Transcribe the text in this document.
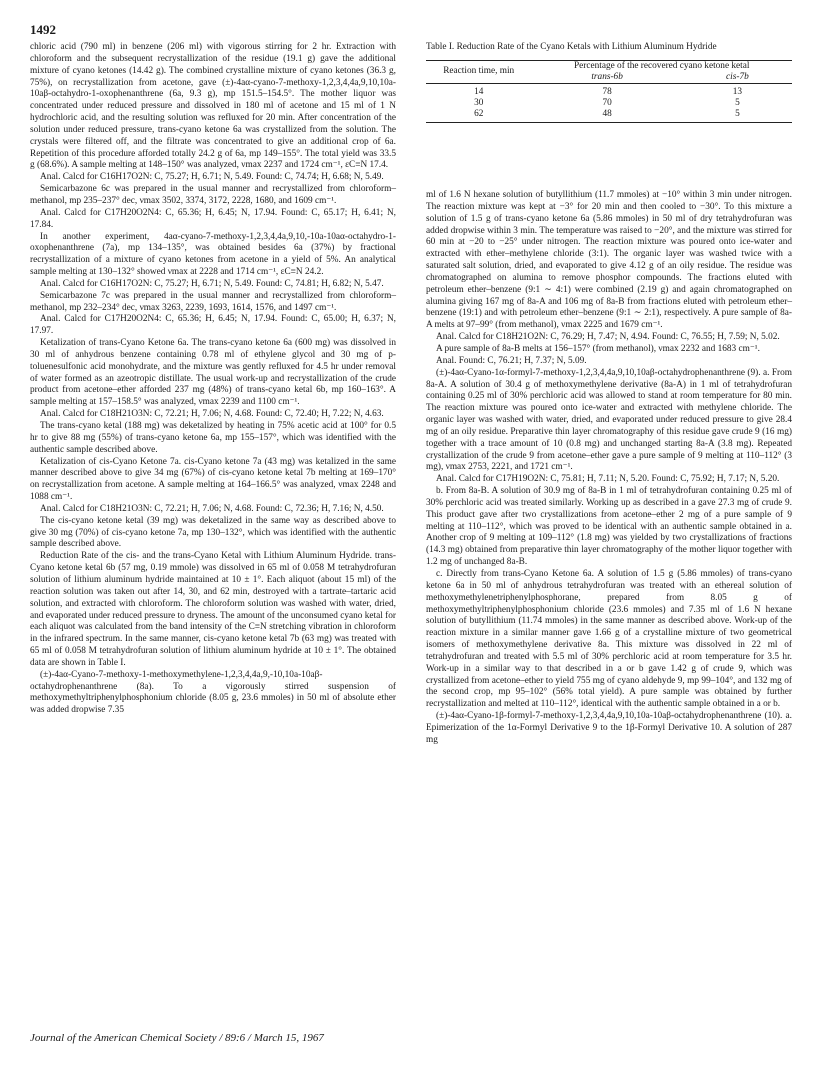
1492

chloric acid (790 ml) in benzene (206 ml) with vigorous stirring for 2 hr. Extraction with chloroform and the subsequent recrystallization of the residue (19.1 g) gave the additional mixture of cyano ketones (14.42 g). The combined crystalline mixture of cyano ketones (36.3 g, 75%), on recrystallization from acetone, gave (±)-4aα-cyano-7-methoxy-1,2,3,4,4a,9,10,10a-10aβ-octahydro-1-oxophenanthrene (6a, 9.3 g), mp 151.5–154.5°. The mother liquor was concentrated under reduced pressure and dissolved in 180 ml of acetone and 15 ml of 1 N hydrochloric acid, and the resulting solution was refluxed for 20 min. After concentration of the solution under reduced pressure, trans-cyano ketone 6a was crystallized from the solution. The crystals were filtered off, and the filtrate was concentrated to give an additional crop of 6a. Repetition of this procedure afforded totally 24.2 g of 6a, mp 149–155°. The total yield was 33.5 g (68.6%). A sample melting at 148–150° was analyzed, νmax 2237 and 1724 cm⁻¹, εC≡N 17.4.

Anal. Calcd for C16H17O2N: C, 75.27; H, 6.71; N, 5.49. Found: C, 74.74; H, 6.68; N, 5.49.

Semicarbazone 6c was prepared in the usual manner and recrystallized from chloroform–methanol, mp 235–237° dec, νmax 3502, 3374, 3172, 2228, 1680, and 1609 cm⁻¹.

Anal. Calcd for C17H20O2N4: C, 65.36; H, 6.45; N, 17.94. Found: C, 65.17; H, 6.41; N, 17.84.

In another experiment, 4aα-cyano-7-methoxy-1,2,3,4,4a,9,10,-10a-10aα-octahydro-1-oxophenanthrene (7a), mp 134–135°, was obtained besides 6a (37%) by fractional recrystallization of a mixture of cyano ketones from acetone in a yield of 5%. An analytical sample melting at 130–132° showed νmax at 2228 and 1714 cm⁻¹, εC≡N 24.2.

Anal. Calcd for C16H17O2N: C, 75.27; H, 6.71; N, 5.49. Found: C, 74.81; H, 6.82; N, 5.47.

Semicarbazone 7c was prepared in the usual manner and recrystallized from chloroform–methanol, mp 232–234° dec, νmax 3263, 2239, 1693, 1614, 1576, and 1497 cm⁻¹.

Anal. Calcd for C17H20O2N4: C, 65.36; H, 6.45; N, 17.94. Found: C, 65.00; H, 6.37; N, 17.97.

Ketalization of trans-Cyano Ketone 6a. The trans-cyano ketone 6a (600 mg) was dissolved in 30 ml of anhydrous benzene containing 0.78 ml of ethylene glycol and 30 mg of p-toluenesulfonic acid monohydrate, and the mixture was gently refluxed for 4.5 hr under removal of water formed as an azeotropic distillate. The usual work-up and recrystallization of the crude product from acetone–ether afforded 237 mg (48%) of trans-cyano ketal 6b, mp 160–163°. A sample melting at 157–158.5° was analyzed, νmax 2239 and 1100 cm⁻¹.

Anal. Calcd for C18H21O3N: C, 72.21; H, 7.06; N, 4.68. Found: C, 72.40; H, 7.22; N, 4.63.

The trans-cyano ketal (188 mg) was deketalized by heating in 75% acetic acid at 100° for 0.5 hr to give 88 mg (55%) of trans-cyano ketone 6a, mp 155–157°, which was identified with the authentic sample described above.

Ketalization of cis-Cyano Ketone 7a. cis-Cyano ketone 7a (43 mg) was ketalized in the same manner described above to give 34 mg (67%) of cis-cyano ketone ketal 7b melting at 169–170° on recrystallization from acetone. A sample melting at 164–166.5° was analyzed, νmax 2248 and 1088 cm⁻¹.

Anal. Calcd for C18H21O3N: C, 72.21; H, 7.06; N, 4.68. Found: C, 72.36; H, 7.16; N, 4.50.

The cis-cyano ketone ketal (39 mg) was deketalized in the same way as described above to give 30 mg (70%) of cis-cyano ketone 7a, mp 130–132°, which was identified with the authentic sample described above.

Reduction Rate of the cis- and the trans-Cyano Ketal with Lithium Aluminum Hydride. trans-Cyano ketone ketal 6b (57 mg, 0.19 mmole) was dissolved in 65 ml of 0.058 M tetrahydrofuran solution of lithium aluminum hydride maintained at 10 ± 1°. Each aliquot (about 15 ml) of the reaction solution was taken out after 14, 30, and 62 min, destroyed with a tartrate–tartaric acid solution, and extracted with chloroform. The chloroform solution was washed with water, dried, and evaporated under reduced pressure to dryness. The amount of the unconsumed cyano ketal for each aliquot was calculated from the band intensity of the C≡N stretching vibration in chloroform in the infrared spectrum. In the same manner, cis-cyano ketone ketal 7b (63 mg) was treated with 65 ml of 0.058 M tetrahydrofuran solution of lithium aluminum hydride at 10 ± 1°. The obtained data are shown in Table I.

(±)-4aα-Cyano-7-methoxy-1-methoxymethylene-1,2,3,4,4a,9,-10,10a-10aβ-octahydrophenanthrene (8a). To a vigorously stirred suspension of methoxymethyltriphenylphosphonium chloride (8.05 g, 23.6 mmoles) in 50 ml of absolute ether was added dropwise 7.35

Table I. Reduction Rate of the Cyano Ketals with Lithium Aluminum Hydride

Reaction time, min	Percentage of the recovered cyano ketone ketal	
	trans-6b	cis-7b
14	78	13
30	70	5
62	48	5

ml of 1.6 N hexane solution of butyllithium (11.7 mmoles) at −10° within 3 min under nitrogen. The reaction mixture was kept at −3° for 20 min and then cooled to −30°. To this mixture a solution of 1.5 g of trans-cyano ketone 6a (5.86 mmoles) in 50 ml of dry tetrahydrofuran was added dropwise within 3 min. The temperature was raised to −20°, and the mixture was stirred for 60 min at −20 to −25° under nitrogen. The reaction mixture was poured onto ice-water and extracted with ether–methylene chloride (3:1). The organic layer was washed twice with a saturated salt solution, dried, and evaporated to give 4.12 g of an oily residue. The residue was chromatographed on alumina to remove phosphor compounds. The fractions eluted with petroleum ether–benzene (9:1 ∼ 4:1) were combined (2.19 g) and again chromatographed on alumina giving 167 mg of 8a-A and 106 mg of 8a-B from fractions eluted with petroleum ether–benzene (19:1) and with petroleum ether–benzene (9:1 ∼ 2:1), respectively. A pure sample of 8a-A melts at 97–99° (from methanol), νmax 2225 and 1679 cm⁻¹.

Anal. Calcd for C18H21O2N: C, 76.29; H, 7.47; N, 4.94. Found: C, 76.55; H, 7.59; N, 5.02.

A pure sample of 8a-B melts at 156–157° (from methanol), νmax 2232 and 1683 cm⁻¹.

Anal. Found: C, 76.21; H, 7.37; N, 5.09.

(±)-4aα-Cyano-1α-formyl-7-methoxy-1,2,3,4,4a,9,10,10aβ-octahydrophenanthrene (9). a. From 8a-A. A solution of 30.4 g of methoxymethylene derivative (8a-A) in 1 ml of tetrahydrofuran containing 0.25 ml of 30% perchloric acid was allowed to stand at room temperature for 80 min. The reaction mixture was poured onto ice-water and extracted with methylene chloride. The organic layer was washed with water, dried, and evaporated under reduced pressure to give 28.4 mg of an oily residue. Preparative thin layer chromatography of this residue gave crude 9 (16 mg) together with a trace amount of 10 (0.8 mg) and unchanged starting 8a-A (3.8 mg). Repeated crystallization of the crude 9 from acetone–ether gave a pure sample of 9 melting at 110–112° (3 mg), νmax 2753, 2221, and 1721 cm⁻¹.

Anal. Calcd for C17H19O2N: C, 75.81; H, 7.11; N, 5.20. Found: C, 75.92; H, 7.17; N, 5.20.

b. From 8a-B. A solution of 30.9 mg of 8a-B in 1 ml of tetrahydrofuran containing 0.25 ml of 30% perchloric acid was treated similarly. Working up as described in a gave 27.3 mg of crude 9. This product gave after two crystallizations from acetone–ether 2 mg of a pure sample of 9 melting at 110–112°, which was proved to be identical with an authentic sample obtained in a. Another crop of 9 melting at 109–112° (1.8 mg) was yielded by two crystallizations of fractions (14.3 mg) obtained from preparative thin layer chromatography of the mother liquor together with 1.2 mg of unchanged 8a-B.

c. Directly from trans-Cyano Ketone 6a. A solution of 1.5 g (5.86 mmoles) of trans-cyano ketone 6a in 50 ml of anhydrous tetrahydrofuran was treated with an ethereal solution of methoxymethylenetriphenylphosphorane, prepared from 8.05 g of methoxymethyltriphenylphosphonium chloride (23.6 mmoles) and 7.35 ml of 1.6 N hexane solution of butyllithium (11.74 mmoles) in the same manner as described above. Work-up of the reaction mixture in a similar manner gave 1.66 g of a crystalline mixture of two geometrical isomers of methoxymethylene derivative 8a. This mixture was dissolved in 22 ml of tetrahydrofuran and treated with 5.5 ml of 30% perchloric acid at room temperature for 3.5 hr. Work-up in a similar way to that described in a or b gave 1.42 g of crude 9, which was crystallized from acetone–ether to yield 755 mg of cyano aldehyde 9, mp 99–104°, and 132 mg of the second crop, mp 95–102° (56% total yield). A pure sample was obtained by further recrystallization and melted at 110–112°, identical with the authentic sample obtained in a or b.

(±)-4aα-Cyano-1β-formyl-7-methoxy-1,2,3,4,4a,9,10,10a-10aβ-octahydrophenanthrene (10). a. Epimerization of the 1α-Formyl Derivative 9 to the 1β-Formyl Derivative 10. A solution of 287 mg

Journal of the American Chemical Society / 89:6 / March 15, 1967
